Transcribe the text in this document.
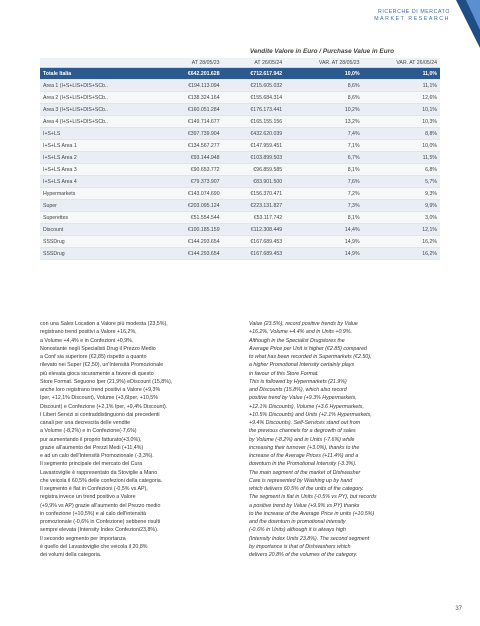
RICERCHE DI MERCATO
MARKET RESEARCH
Vendite Valore in Euro / Purchase Value in Euro
	AT 28/05/23	AT 26/05/24	VAR. AT 28/05/23	VAR. AT 26/05/24
Totale Italia	€642.201.628	€712.617.942	10,0%	11,0%
Area 1 (I+S+LIS+DIS+SCb..	€194.113.094	€215.605.032	8,6%	11,1%
Area 2 (I+S+LIS+DIS+SCb..	€138.324.164	€155.684.314	8,6%	12,6%
Area 3 (I+S+LIS+DIS+SCb..	€160.051.284	€176.173.441	10,2%	10,1%
Area 4 (I+S+LIS+DIS+SCb..	€149.714.677	€165.155.156	13,2%	10,3%
I+S+LS	€397.739.904	€432.620.039	7,4%	8,8%
I+S+LS Area 1	€134.567.277	€147.959.451	7,1%	10,0%
I+S+LS Area 2	€93.144.948	€103.899.503	6,7%	11,5%
I+S+LS Area 3	€90.653.772	€96.859.585	8,1%	6,8%
I+S+LS Area 4	€79.373.907	€83.901.500	7,6%	5,7%
Hypermarkets	€143.074.690	€156.370.471	7,2%	9,3%
Super	€203.095.124	€223.131.827	7,3%	9,9%
Superettes	€51.554.544	€53.117.742	8,1%	3,0%
Discount	€100.185.159	€112.308.449	14,4%	12,1%
SSSDrug	€144.293.654	€167.689.453	14,9%	16,2%
SSSDrug	€144.293.654	€167.689.453	14,9%	16,2%

con una Sales Location a Valore più modesta (23,5%),

registrano trend positivi a Valore +16,2%,

a Volume +4,4% e in Confezioni +0,9%.

Nonostante negli Specialisti Drug il Prezzo Medio

a Conf sia superiore (€2,85) rispetto a quanto

rilevato nei Super (€2,50), un'Intensità Promozionale

più elevata gioca sicuramente a favore di questo

Store Format. Seguono Iper (21,9%) eDiscount (15,8%),

anche loro registrano trend positivi a Valore (+9,3%

Iper, +12,1% Discount), Volume (+3,6Iper, +10,5%

Discount) e Confezione (+2,1% Iper, +9,4% Discount).

I Liberi Servizi si contraddistinguono dai precedenti

canali per una decrescita delle vendite

a Volume (-8,2%) e in Confezione(-7,6%)

pur aumentando il proprio fatturato(+3,0%),

grazie all'aumento dei Prezzi Medi (+11,4%)

e ad un calo dell'Intensità Promozionale (-3,3%).

Il segmento principale del mercato del Cura

Lavastoviglie è rappresentato da Stoviglie a Mano

che veicola il 60,5% delle confezioni della categoria.

Il segmento è flat in Confezioni (-0,5% vs AP),

registra invece un trend positivo a Valore

(+9,9% vs AP) grazie all'aumento del Prezzo medio

in confezione (+10,5%) e al calo dell'intensità

promozionale (-0,6% in Confezione) sebbene risulti

sempre elevata (Intensity Index Confezioni23,8%).

Il secondo segmento per importanza

è quello del Lavastoviglie che veicola il 20,8%

dei volumi della categoria.

Value (23.5%), record positive trends by Value

+16.2%, Volume +4.4% and in Units +0.9%.

Although in the Specialist Drugstores the

Average Price per Unit is higher (€2.85) compared

to what has been recorded in Supermarkets (€2.50),

a higher Promotional Intensity certainly plays

in favour of this Store Format.

This is followed by Hypermarkets (21.9%)

and Discounts (15.8%), which also record

positive trend by Value (+9.3% Hypermarkets,

+12.1% Discounts), Volume (+3.6 Hypermarkets,

+10.5% Discounts) and Units (+2.1% Hypermarkets,

+9.4% Discounts). Self-Services stand out from

the previous channels for a degrowth of sales

by Volume (-8.2%) and in Units (-7.6%) while

increasing their turnover (+3.0%), thanks to the

increase of the Average Prices (+11.4%) and a

downturn in the Promotional Intensity (-3.3%).

The main segment of the market of Dishwasher

Care is represented by Washing up by hand

which delivers 60.5% of the units of the category.

The segment is flat in Units (-0.5% vs PY), but records

a positive trend by Value (+9.9% vs PY) thanks

to the increase of the Average Price in units (+10.5%)

and the downturn in promotional intensity

(-0.6% in Units) although it is always high

(Intensity Index Units 23.8%). The second segment

by importance is that of Dishwashers which

delivers 20.8% of the volumes of the category.

37
